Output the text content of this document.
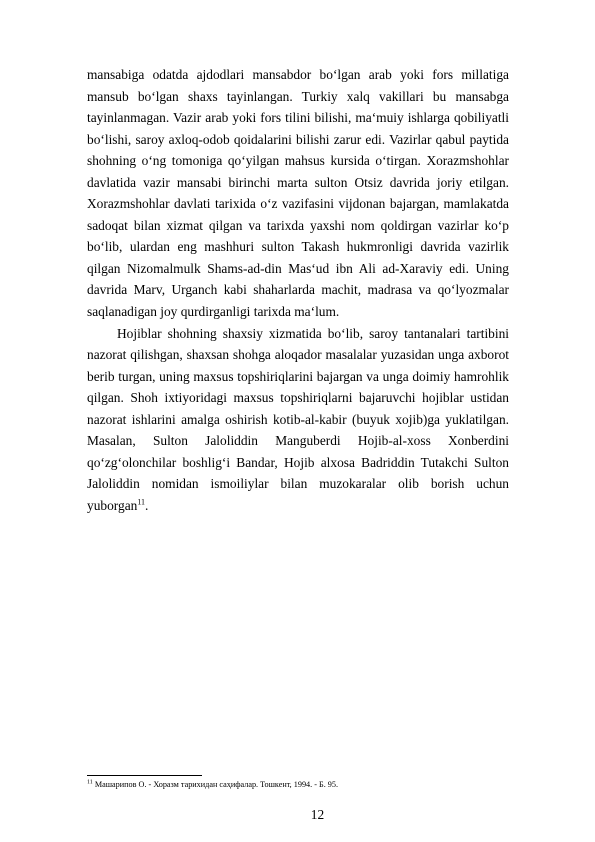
mansabiga odatda ajdodlari mansabdor bo‘lgan arab yoki fors millatiga mansub bo‘lgan shaxs tayinlangan. Turkiy xalq vakillari bu mansabga tayinlanmagan. Vazir arab yoki fors tilini bilishi, ma‘muiy ishlarga qobiliyatli bo‘lishi, saroy axloq-odob qoidalarini bilishi zarur edi. Vazirlar qabul paytida shohning o‘ng tomoniga qo‘yilgan mahsus kursida o‘tirgan. Xorazmshohlar davlatida vazir mansabi birinchi marta sulton Otsiz davrida joriy etilgan. Xorazmshohlar davlati tarixida o‘z vazifasini vijdonan bajargan, mamlakatda sadoqat bilan xizmat qilgan va tarixda yaxshi nom qoldirgan vazirlar ko‘p bo‘lib, ulardan eng mashhuri sulton Takash hukmronligi davrida vazirlik qilgan Nizomalmulk Shams-ad-din Mas‘ud ibn Ali ad-Xaraviy edi. Uning davrida Marv, Urganch kabi shaharlarda machit, madrasa va qo‘lyozmalar saqlanadigan joy qurdirganligi tarixda ma‘lum.

Hojiblar shohning shaxsiy xizmatida bo‘lib, saroy tantanalari tartibini nazorat qilishgan, shaxsan shohga aloqador masalalar yuzasidan unga axborot berib turgan, uning maxsus topshiriqlarini bajargan va unga doimiy hamrohlik qilgan. Shoh ixtiyoridagi maxsus topshiriqlarni bajaruvchi hojiblar ustidan nazorat ishlarini amalga oshirish kotib-al-kabir (buyuk xojib)ga yuklatilgan. Masalan, Sulton Jaloliddin Manguberdi Hojib-al-xoss Xonberdini qo‘zg‘olonchilar boshlig‘i Bandar, Hojib alxosa Badriddin Tutakchi Sulton Jaloliddin nomidan ismoiliylar bilan muzokaralar olib borish uchun yuborgan$^{11}$.

$^{11}$ Машарипов О. - Хоразм тарихидан саҳифалар. Тошкент, 1994. - Б. 95.
12
